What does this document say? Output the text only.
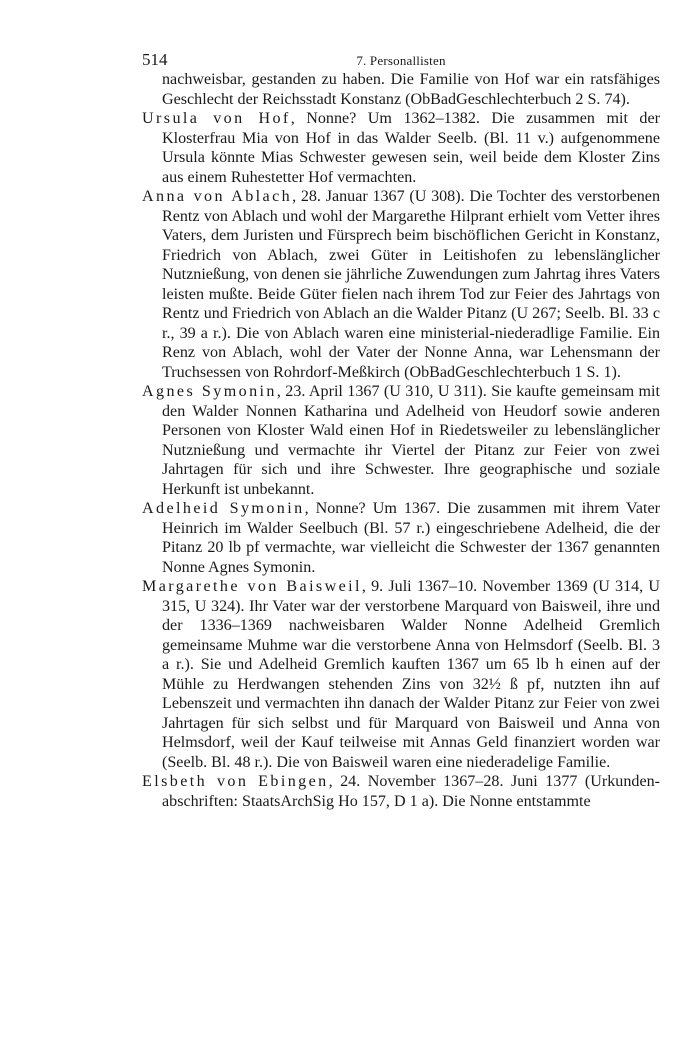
514	7. Personallisten

nachweisbar, gestanden zu haben. Die Familie von Hof war ein ratsfähiges Geschlecht der Reichsstadt Konstanz (ObBadGeschlechterbuch 2 S. 74).

Ursula von Hof, Nonne? Um 1362–1382. Die zusammen mit der Klosterfrau Mia von Hof in das Walder Seelb. (Bl. 11 v.) aufgenommene Ursula könnte Mias Schwester gewesen sein, weil beide dem Kloster Zins aus einem Ruhestetter Hof vermachten.

Anna von Ablach, 28. Januar 1367 (U 308). Die Tochter des verstorbenen Rentz von Ablach und wohl der Margarethe Hilprant erhielt vom Vetter ihres Vaters, dem Juristen und Fürsprech beim bischöflichen Gericht in Konstanz, Friedrich von Ablach, zwei Güter in Leitishofen zu lebenslänglicher Nutznießung, von denen sie jährliche Zuwendungen zum Jahrtag ihres Vaters leisten mußte. Beide Güter fielen nach ihrem Tod zur Feier des Jahrtags von Rentz und Friedrich von Ablach an die Walder Pitanz (U 267; Seelb. Bl. 33 c r., 39 a r.). Die von Ablach waren eine ministerial-niederadlige Familie. Ein Renz von Ablach, wohl der Vater der Nonne Anna, war Lehensmann der Truchsessen von Rohrdorf-Meßkirch (ObBadGeschlechterbuch 1 S. 1).

Agnes Symonin, 23. April 1367 (U 310, U 311). Sie kaufte gemeinsam mit den Walder Nonnen Katharina und Adelheid von Heudorf sowie anderen Personen von Kloster Wald einen Hof in Riedetsweiler zu lebenslänglicher Nutznießung und vermachte ihr Viertel der Pitanz zur Feier von zwei Jahrtagen für sich und ihre Schwester. Ihre geographische und soziale Herkunft ist unbekannt.

Adelheid Symonin, Nonne? Um 1367. Die zusammen mit ihrem Vater Heinrich im Walder Seelbuch (Bl. 57 r.) eingeschriebene Adelheid, die der Pitanz 20 lb pf vermachte, war vielleicht die Schwester der 1367 genannten Nonne Agnes Symonin.

Margarethe von Baisweil, 9. Juli 1367–10. November 1369 (U 314, U 315, U 324). Ihr Vater war der verstorbene Marquard von Baisweil, ihre und der 1336–1369 nachweisbaren Walder Nonne Adelheid Gremlich gemeinsame Muhme war die verstorbene Anna von Helmsdorf (Seelb. Bl. 3 a r.). Sie und Adelheid Gremlich kauften 1367 um 65 lb h einen auf der Mühle zu Herdwangen stehenden Zins von 32½ ß pf, nutzten ihn auf Lebenszeit und vermachten ihn danach der Walder Pitanz zur Feier von zwei Jahrtagen für sich selbst und für Marquard von Baisweil und Anna von Helmsdorf, weil der Kauf teilweise mit Annas Geld finanziert worden war (Seelb. Bl. 48 r.). Die von Baisweil waren eine niederadelige Familie.

Elsbeth von Ebingen, 24. November 1367–28. Juni 1377 (Urkundenabschriften: StaatsArchSig Ho 157, D 1 a). Die Nonne entstammte
